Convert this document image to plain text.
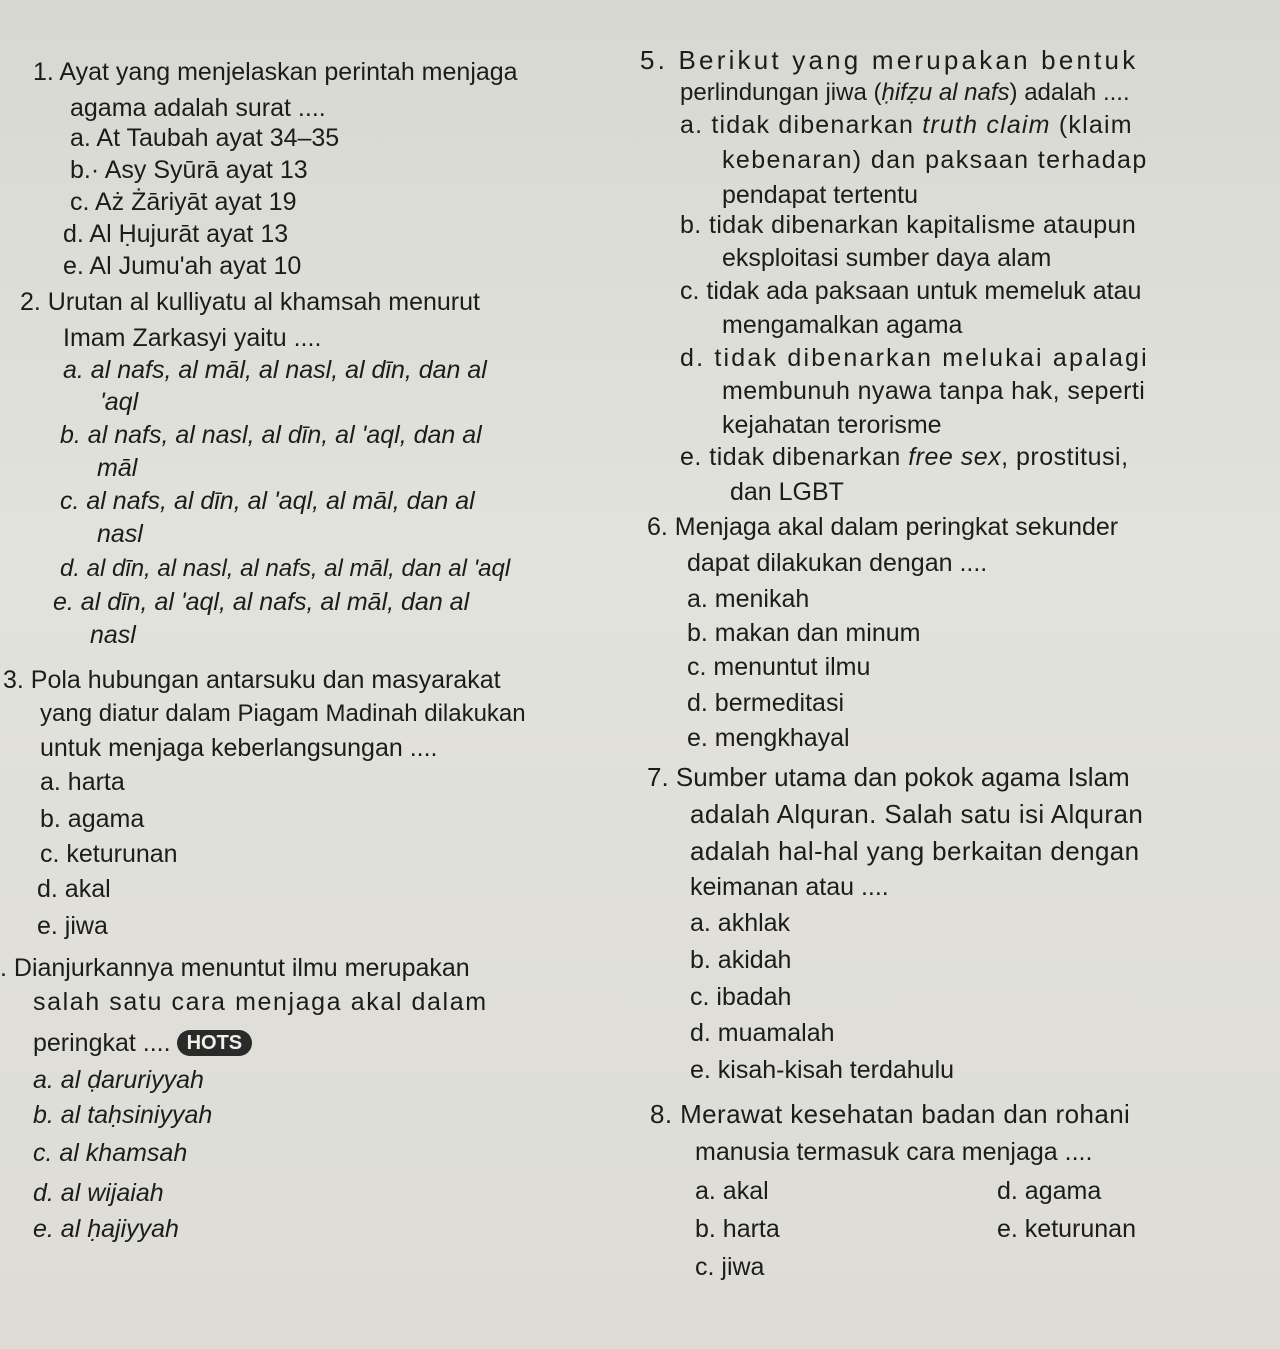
1. Ayat yang menjelaskan perintah menjaga
agama adalah surat ....
a. At Taubah ayat 34–35
b.· Asy Syūrā ayat 13
c. Aż Żāriyāt ayat 19
d. Al Ḥujurāt ayat 13
e. Al Jumu'ah ayat 10
2. Urutan al kulliyatu al khamsah menurut
Imam Zarkasyi yaitu ....
a. al nafs, al māl, al nasl, al dīn, dan al
'aql
b. al nafs, al nasl, al dīn, al 'aql, dan al
māl
c. al nafs, al dīn, al 'aql, al māl, dan al
nasl
d. al dīn, al nasl, al nafs, al māl, dan al 'aql
e. al dīn, al 'aql, al nafs, al māl, dan al
nasl
3. Pola hubungan antarsuku dan masyarakat
yang diatur dalam Piagam Madinah dilakukan
untuk menjaga keberlangsungan ....
a. harta
b. agama
c. keturunan
d. akal
e. jiwa
. Dianjurkannya menuntut ilmu merupakan
salah satu cara menjaga akal dalam
peringkat .... HOTS
a. al ḍaruriyyah
b. al taḥsiniyyah
c. al khamsah
d. al wijaiah
e. al ḥajiyyah
5. Berikut yang merupakan bentuk
perlindungan jiwa (ḥifẓu al nafs) adalah ....
a. tidak dibenarkan truth claim (klaim
kebenaran) dan paksaan terhadap
pendapat tertentu
b. tidak dibenarkan kapitalisme ataupun
eksploitasi sumber daya alam
c. tidak ada paksaan untuk memeluk atau
mengamalkan agama
d. tidak dibenarkan melukai apalagi
membunuh nyawa tanpa hak, seperti
kejahatan terorisme
e. tidak dibenarkan free sex, prostitusi,
dan LGBT
6. Menjaga akal dalam peringkat sekunder
dapat dilakukan dengan ....
a. menikah
b. makan dan minum
c. menuntut ilmu
d. bermeditasi
e. mengkhayal
7. Sumber utama dan pokok agama Islam
adalah Alquran. Salah satu isi Alquran
adalah hal-hal yang berkaitan dengan
keimanan atau ....
a. akhlak
b. akidah
c. ibadah
d. muamalah
e. kisah-kisah terdahulu
8. Merawat kesehatan badan dan rohani
manusia termasuk cara menjaga ....
a. akal
b. harta
c. jiwa
d. agama
e. keturunan
